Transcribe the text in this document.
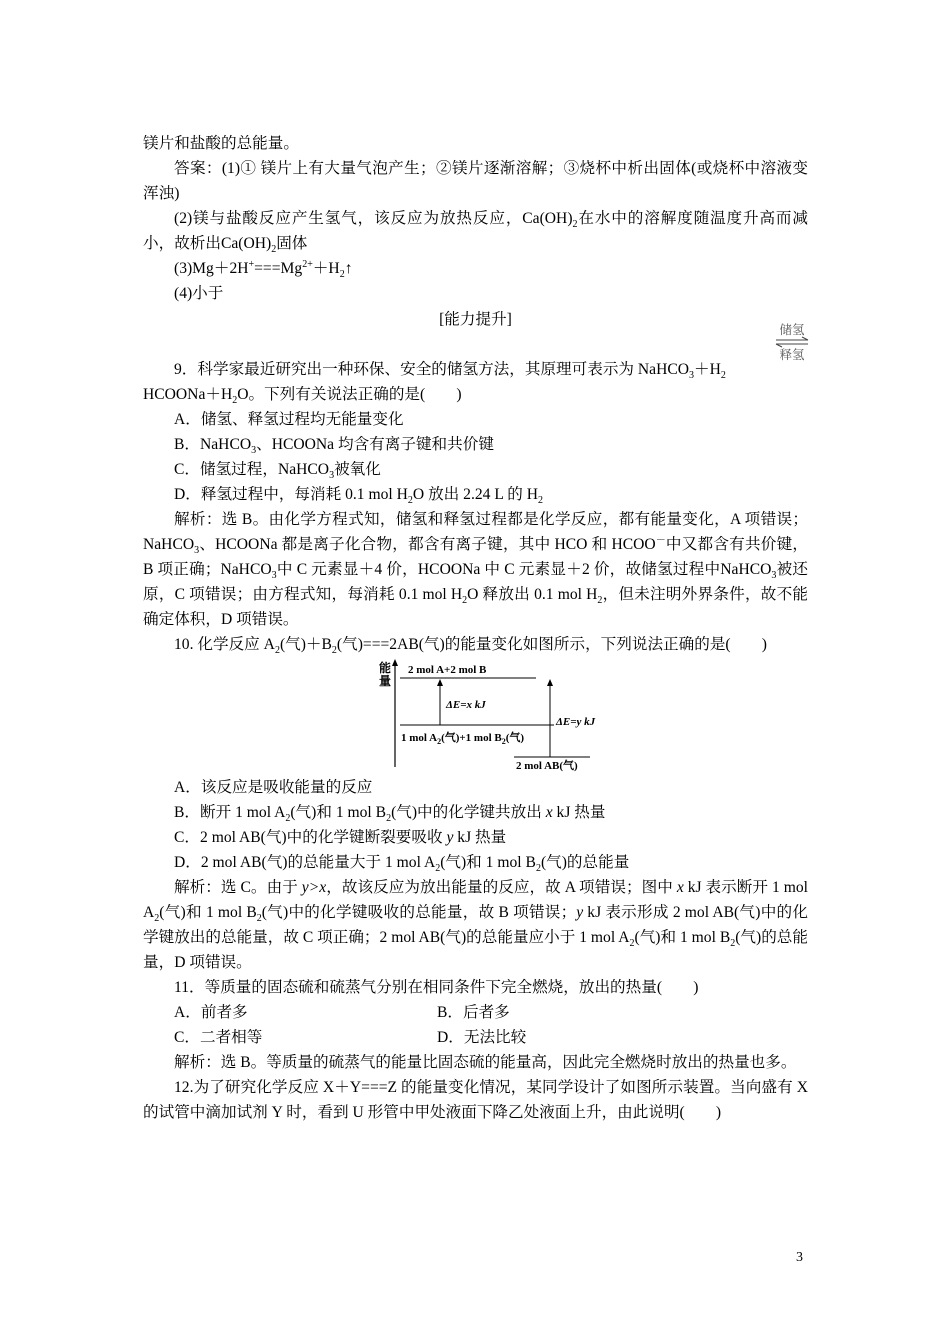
镁片和盐酸的总能量。

答案：(1)① 镁片上有大量气泡产生；②镁片逐渐溶解；③烧杯中析出固体(或烧杯中溶液变浑浊)

(2)镁与盐酸反应产生氢气，该反应为放热反应，$Ca(OH)_2$在水中的溶解度随温度升高而减小，故析出$Ca(OH)_2$固体

$(3)Mg+2H^+===Mg^{2+}+H_2↑$

(4)小于

[能力提升]

9．科学家最近研究出一种环保、安全的储氢方法，其原理可表示为 $NaHCO_3+H_2$

$HCOONa+H_2O$。下列有关说法正确的是(　　)

A．储氢、释氢过程均无能量变化

B．NaHCO$_3$、HCOONa 均含有离子键和共价键

C．储氢过程，NaHCO$_3$被氧化

D．释氢过程中，每消耗 0.1 mol $H_2O$ 放出 2.24 L 的 $H_2$

解析：选 B。由化学方程式知，储氢和释氢过程都是化学反应，都有能量变化，A 项错误；NaHCO$_3$、HCOONa 都是离子化合物，都含有离子键，其中 HCO 和 HCOO－中又都含有共价键，B 项正确；NaHCO$_3$中 C 元素显＋4 价，HCOONa 中 C 元素显＋2 价，故储氢过程中NaHCO$_3$被还原，C 项错误；由方程式知，每消耗 0.1 mol $H_2O$ 释放出 0.1 mol $H_2$，但未注明外界条件，故不能确定体积，D 项错误。

10. 化学反应 $A_2$(气)$+B_2$(气)===2AB(气)的能量变化如图所示，下列说法正确的是(　　)

能
量
2 mol A+2 mol B
ΔE=x kJ
1 mol $A_2$(气)+1 mol $B_2$(气)
ΔE=y kJ
2 mol AB(气)

A．该反应是吸收能量的反应

B．断开 1 mol $A_2$(气)和 1 mol $B_2$(气)中的化学键共放出 x kJ 热量

C．2 mol AB(气)中的化学键断裂要吸收 y kJ 热量

D．2 mol AB(气)的总能量大于 1 mol $A_2$(气)和 1 mol $B_2$(气)的总能量

解析：选 C。由于 y>x，故该反应为放出能量的反应，故 A 项错误；图中 x kJ 表示断开 1 mol $A_2$(气)和 1 mol $B_2$(气)中的化学键吸收的总能量，故 B 项错误；y kJ 表示形成 2 mol AB(气)中的化学键放出的总能量，故 C 项正确；2 mol AB(气)的总能量应小于 1 mol $A_2$(气)和 1 mol $B_2$(气)的总能量，D 项错误。

11．等质量的固态硫和硫蒸气分别在相同条件下完全燃烧，放出的热量(　　)

A．前者多	B．后者多
C．二者相等	D．无法比较

解析：选 B。等质量的硫蒸气的能量比固态硫的能量高，因此完全燃烧时放出的热量也多。

12.为了研究化学反应 X＋Y===Z 的能量变化情况，某同学设计了如图所示装置。当向盛有 X 的试管中滴加试剂 Y 时，看到 U 形管中甲处液面下降乙处液面上升，由此说明(　　)

储氢
释氢
3
